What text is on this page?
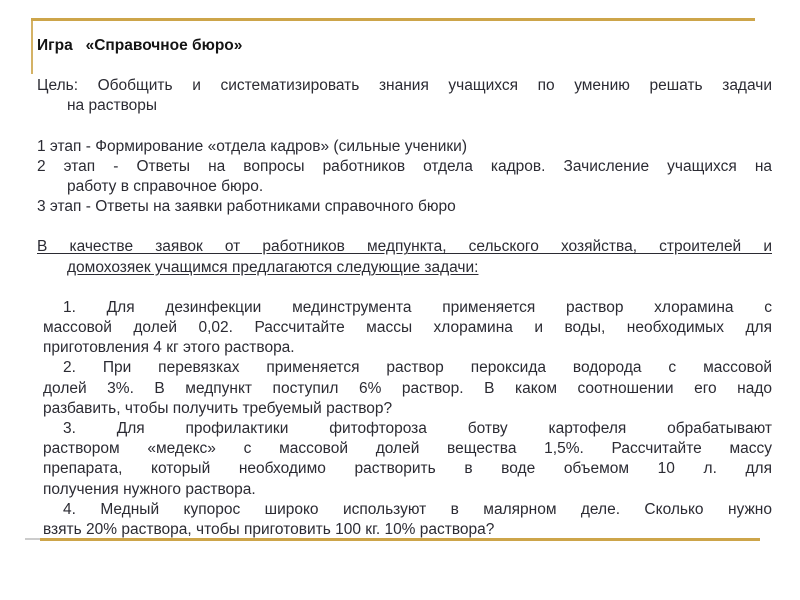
Игра   «Справочное бюро»
Цель: Обобщить и систематизировать знания учащихся по умению решать задачи
на растворы
1 этап - Формирование «отдела кадров» (сильные ученики)
2 этап - Ответы на вопросы работников отдела кадров. Зачисление учащихся на
работу в справочное бюро.
3 этап - Ответы на заявки работниками справочного бюро
В качестве заявок от работников медпункта, сельского хозяйства, строителей и
домохозяек учащимся предлагаются следующие задачи:
1. Для дезинфекции мединструмента применяется раствор хлорамина с
массовой долей 0,02. Рассчитайте массы хлорамина и воды, необходимых для
приготовления 4 кг этого раствора.
2. При перевязках применяется раствор пероксида водорода с массовой
долей 3%. В медпункт поступил 6% раствор. В каком соотношении его надо
разбавить, чтобы получить требуемый раствор?
3. Для профилактики фитофтороза ботву картофеля обрабатывают
раствором «медекс» с массовой долей вещества 1,5%. Рассчитайте массу
препарата, который необходимо растворить в воде объемом 10 л. для
получения нужного раствора.
4. Медный купорос широко используют в малярном деле. Сколько нужно
взять 20% раствора, чтобы приготовить 100 кг. 10% раствора?
